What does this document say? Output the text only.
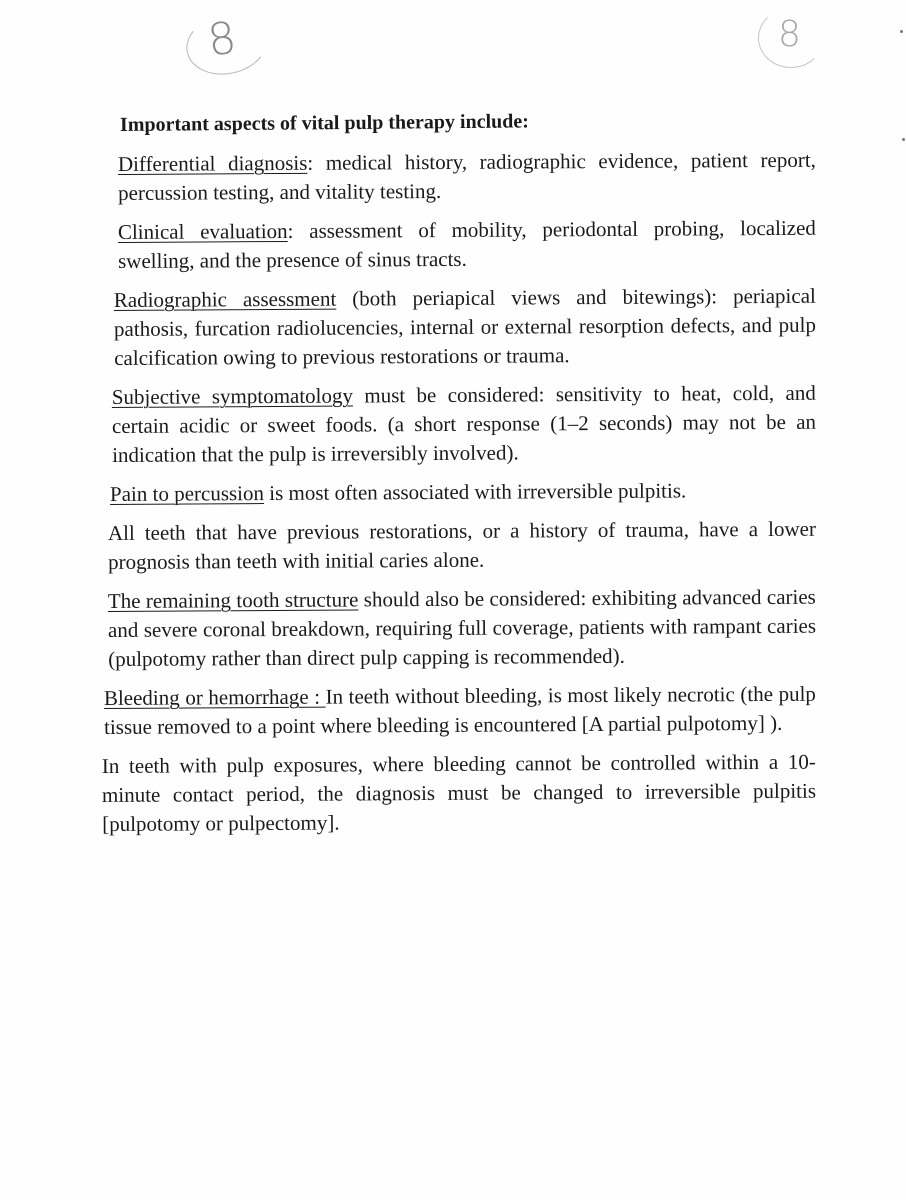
8	8
Important aspects of vital pulp therapy include:

Differential diagnosis: medical history, radiographic evidence, patient report, percussion testing, and vitality testing.

Clinical evaluation: assessment of mobility, periodontal probing, localized swelling, and the presence of sinus tracts.

Radiographic assessment (both periapical views and bitewings): periapical pathosis, furcation radiolucencies, internal or external resorption defects, and pulp calcification owing to previous restorations or trauma.

Subjective symptomatology must be considered: sensitivity to heat, cold, and certain acidic or sweet foods. (a short response (1–2 seconds) may not be an indication that the pulp is irreversibly involved).

Pain to percussion is most often associated with irreversible pulpitis.

All teeth that have previous restorations, or a history of trauma, have a lower prognosis than teeth with initial caries alone.

The remaining tooth structure should also be considered: exhibiting advanced caries and severe coronal breakdown, requiring full coverage, patients with rampant caries (pulpotomy rather than direct pulp capping is recommended).

Bleeding or hemorrhage : In teeth without bleeding, is most likely necrotic (the pulp tissue removed to a point where bleeding is encountered [A partial pulpotomy] ).

In teeth with pulp exposures, where bleeding cannot be controlled within a 10-minute contact period, the diagnosis must be changed to irreversible pulpitis [pulpotomy or pulpectomy].
